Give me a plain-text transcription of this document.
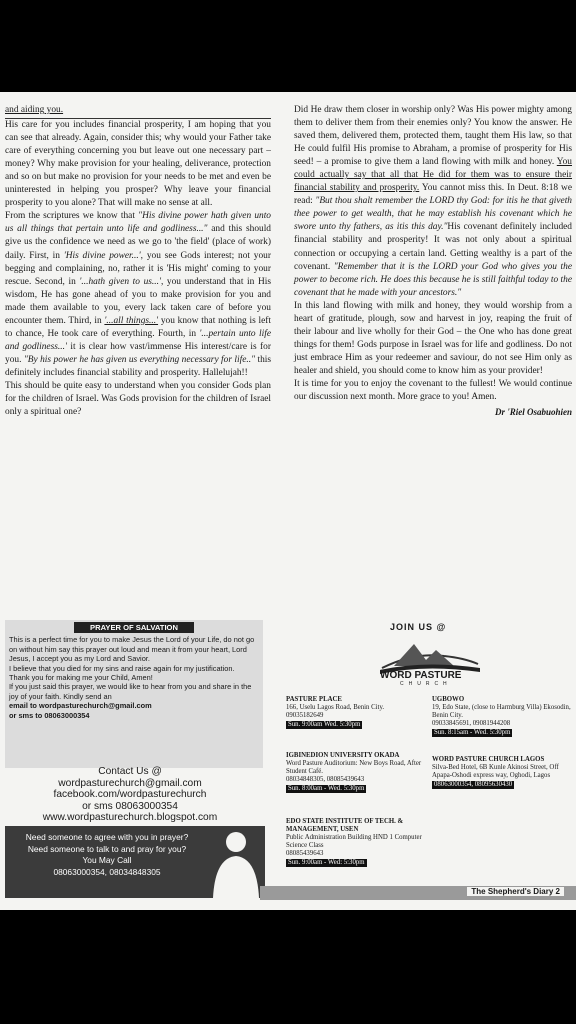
and aiding you.

His care for you includes financial prosperity, I am hoping that you can see that already. Again, consider this; why would your Father take care of everything concerning you but leave out one necessary part – money? Why make provision for your healing, deliverance, protection and so on but make no provision for your needs to be met and even be uninterested in helping you prosper? Why leave your financial prosperity to you alone? That will make no sense at all.

From the scriptures we know that "His divine power hath given unto us all things that pertain unto life and godliness..." and this should give us the confidence we need as we go to 'the field' (place of work) daily. First, in 'His divine power...', you see Gods interest; not your begging and complaining, no, rather it is 'His might' coming to your rescue. Second, in '...hath given to us...', you understand that in His wisdom, He has gone ahead of you to make provision for you and made them available to you, every lack taken care of before you encounter them. Third, in '...all things...' you know that nothing is left to chance, He took care of everything. Fourth, in '...pertain unto life and godliness...' it is clear how vast/immense His interest/care is for you. "By his power he has given us everything necessary for life.." this definitely includes financial stability and prosperity. Hallelujah!!

This should be quite easy to understand when you consider Gods plan for the children of Israel. Was Gods provision for the children of Israel only a spiritual one?

Did He draw them closer in worship only? Was His power mighty among them to deliver them from their enemies only? You know the answer. He saved them, delivered them, protected them, taught them His law, so that He could fulfil His promise to Abraham, a promise of prosperity for His seed! – a promise to give them a land flowing with milk and honey. You could actually say that all that He did for them was to ensure their financial stability and prosperity. You cannot miss this. In Deut. 8:18 we read: "But thou shalt remember the LORD thy God: for itis he that giveth thee power to get wealth, that he may establish his covenant which he swore unto thy fathers, as itis this day."His covenant definitely included financial stability and prosperity! It was not only about a spiritual connection or occupying a certain land. Getting wealthy is a part of the covenant. "Remember that it is the LORD your God who gives you the power to become rich. He does this because he is still faithful today to the covenant that he made with your ancestors."

In this land flowing with milk and honey, they would worship from a heart of gratitude, plough, sow and harvest in joy, reaping the fruit of their labour and live wholly for their God – the One who has done great things for them! Gods purpose in Israel was for life and godliness. Do not just embrace Him as your redeemer and saviour, do not see Him only as healer and shield, you should come to know him as your provider!

It is time for you to enjoy the covenant to the fullest! We would continue our discussion next month. More grace to you! Amen.

Dr 'Riel Osabuohien
PRAYER OF SALVATION
This is a perfect time for you to make Jesus the Lord of your Life, do not go on without him say this prayer out loud and mean it from your heart, Lord Jesus, I accept you as my Lord and Savior.
I believe that you died for my sins and raise again for my justification.
Thank you for making me your Child, Amen!
If you just said this prayer, we would like to hear from you and share in the joy of your faith. Kindly send an
email to wordpasturechurch@gmail.com
or sms to 08063000354
Contact Us @
wordpasturechurch@gmail.com
facebook.com/wordpasturechurch
or sms 08063000354
www.wordpasturechurch.blogspot.com
Need someone to agree with you in prayer?
Need someone to talk to and pray for you?
You May Call
08063000354, 08034848305
JOIN US @
WORD PASTURE
CHURCH
PASTURE PLACE
166, Uselu Lagos Road, Benin City.
09035182649
Sun. 9:00am Wed. 5:30pm
UGBOWO
19, Edo State, (close to Harmburg Villa) Ekosodin, Benin City.
09033845691, 09081944208
Sun. 8:15am - Wed. 5:30pm
IGBINEDION UNIVERSITY OKADA
Word Pasture Auditorium: New Boys Road, After Student Café.
08034848305, 08085439643
Sun. 8:00am - Wed. 5:30pm
WORD PASTURE CHURCH LAGOS
Silva-Bed Hotel, 6B Kunle Akinosi Street, Off Apapa-Oshodi express way, Oghodi, Lagos
08063000354, 08095630430
EDO STATE INSTITUTE OF TECH. & MANAGEMENT, USEN
Public Administration Building HND 1 Computer Science Class
08085439643
Sun. 9:00am - Wed: 5:30pm
The Shepherd's Diary 2
